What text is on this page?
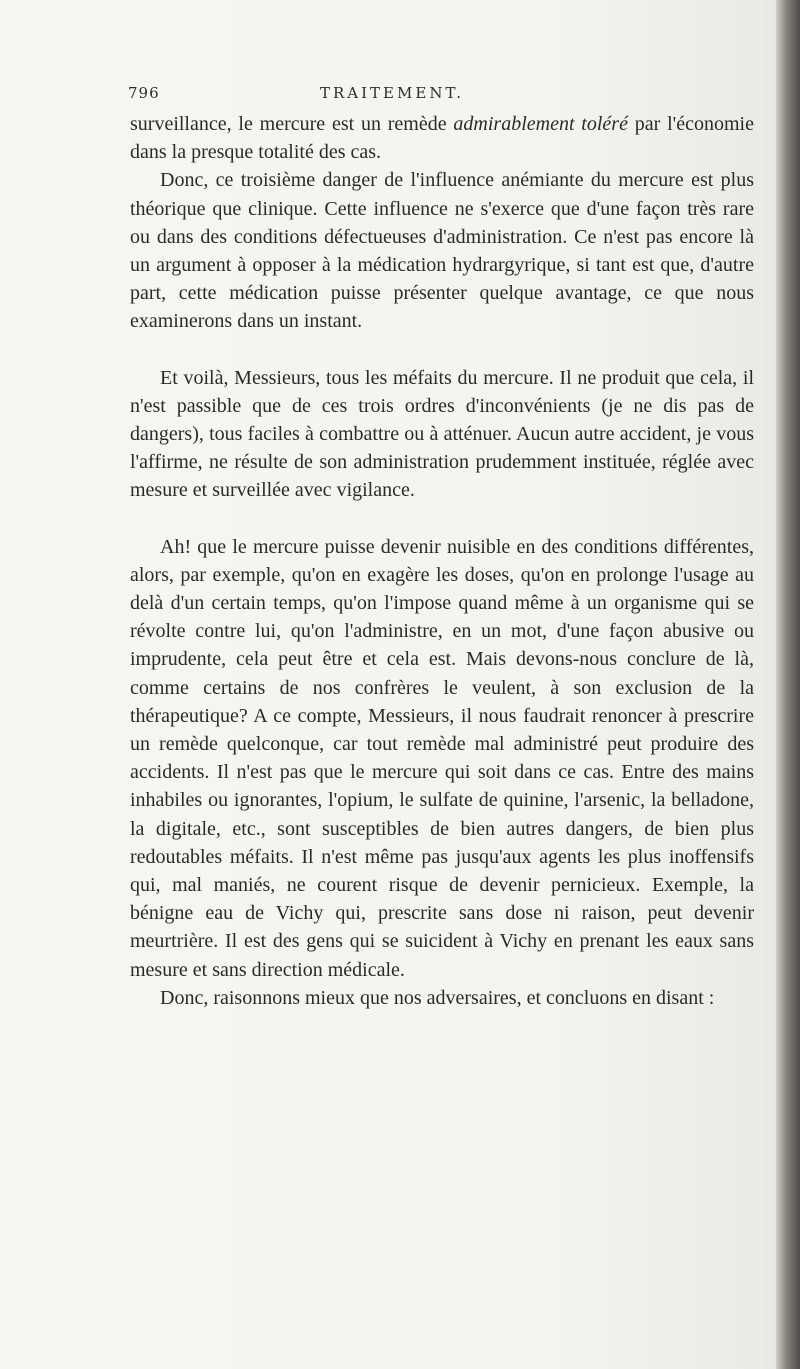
796	TRAITEMENT.

surveillance, le mercure est un remède admirablement toléré par l'économie dans la presque totalité des cas.

Donc, ce troisième danger de l'influence anémiante du mercure est plus théorique que clinique. Cette influence ne s'exerce que d'une façon très rare ou dans des conditions défectueuses d'administration. Ce n'est pas encore là un argument à opposer à la médication hydrargyrique, si tant est que, d'autre part, cette médication puisse présenter quelque avantage, ce que nous examinerons dans un instant.

Et voilà, Messieurs, tous les méfaits du mercure. Il ne produit que cela, il n'est passible que de ces trois ordres d'inconvénients (je ne dis pas de dangers), tous faciles à combattre ou à atténuer. Aucun autre accident, je vous l'affirme, ne résulte de son administration prudemment instituée, réglée avec mesure et surveillée avec vigilance.

Ah! que le mercure puisse devenir nuisible en des conditions différentes, alors, par exemple, qu'on en exagère les doses, qu'on en prolonge l'usage au delà d'un certain temps, qu'on l'impose quand même à un organisme qui se révolte contre lui, qu'on l'administre, en un mot, d'une façon abusive ou imprudente, cela peut être et cela est. Mais devons-nous conclure de là, comme certains de nos confrères le veulent, à son exclusion de la thérapeutique? A ce compte, Messieurs, il nous faudrait renoncer à prescrire un remède quelconque, car tout remède mal administré peut produire des accidents. Il n'est pas que le mercure qui soit dans ce cas. Entre des mains inhabiles ou ignorantes, l'opium, le sulfate de quinine, l'arsenic, la belladone, la digitale, etc., sont susceptibles de bien autres dangers, de bien plus redoutables méfaits. Il n'est même pas jusqu'aux agents les plus inoffensifs qui, mal maniés, ne courent risque de devenir pernicieux. Exemple, la bénigne eau de Vichy qui, prescrite sans dose ni raison, peut devenir meurtrière. Il est des gens qui se suicident à Vichy en prenant les eaux sans mesure et sans direction médicale.

Donc, raisonnons mieux que nos adversaires, et concluons en disant :
